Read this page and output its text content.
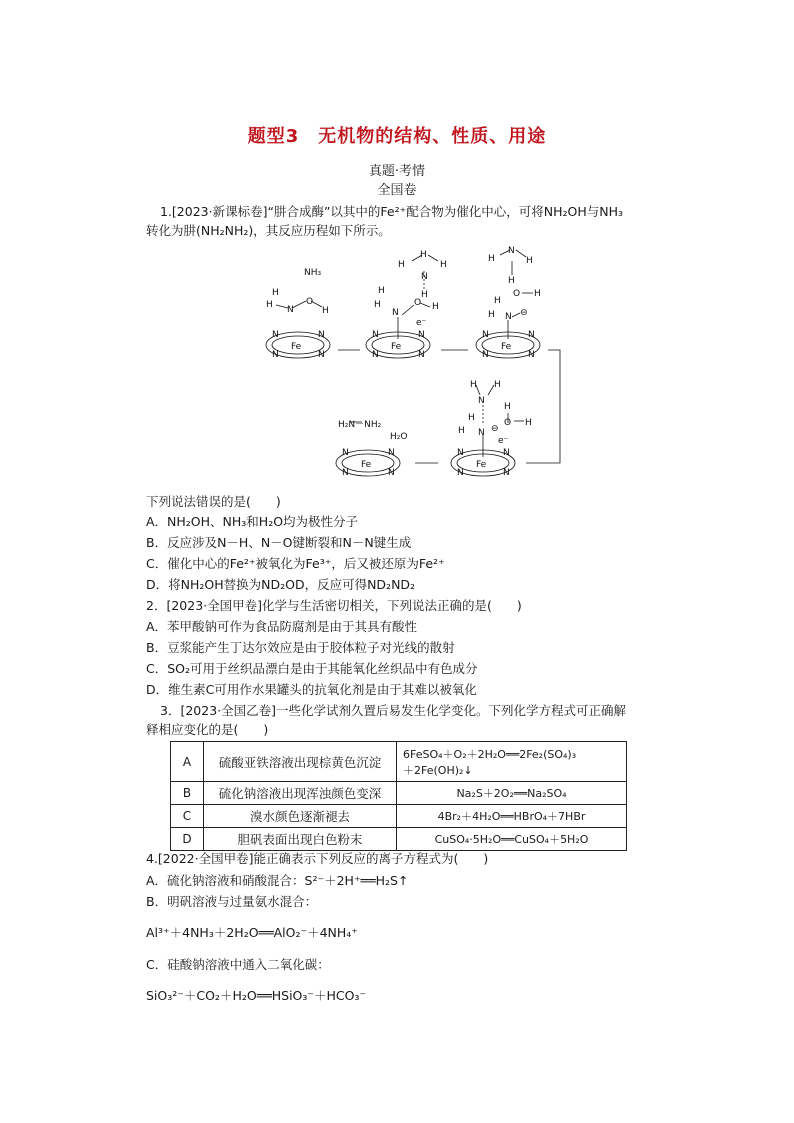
题型3　无机物的结构、性质、用途
真题·考情
全国卷
1.[2023·新课标卷]“肼合成酶”以其中的Fe²⁺配合物为催化中心，可将NH₂OH与NH₃
转化为肼(NH₂NH₂)，其反应历程如下所示。
N	N
N	N
Fe
N	N
N	N
Fe
N	N
N	N
Fe
N	N
N	N
Fe
N	N
N	N
Fe
NH₃
H
H N
O
H
H
H
H
N
H
H
H
N
O H
e⁻
H
N
H
H
O H
H
H N ⊖
H H
N
H
O H
H
H N ⊖
e⁻
H₂N－NH₂
H₂O
下列说法错误的是(　　)
A．NH₂OH、NH₃和H₂O均为极性分子
B．反应涉及N－H、N－O键断裂和N－N键生成
C．催化中心的Fe²⁺被氧化为Fe³⁺，后又被还原为Fe²⁺
D．将NH₂OH替换为ND₂OD，反应可得ND₂ND₂
2．[2023·全国甲卷]化学与生活密切相关，下列说法正确的是(　　)
A．苯甲酸钠可作为食品防腐剂是由于其具有酸性
B．豆浆能产生丁达尔效应是由于胶体粒子对光线的散射
C．SO₂可用于丝织品漂白是由于其能氧化丝织品中有色成分
D．维生素C可用作水果罐头的抗氧化剂是由于其难以被氧化
3．[2023·全国乙卷]一些化学试剂久置后易发生化学变化。下列化学方程式可正确解
释相应变化的是(　　)
A	硫酸亚铁溶液出现棕黄色沉淀	6FeSO₄＋O₂＋2H₂O══2Fe₂(SO₄)₃
＋2Fe(OH)₂↓

B	硫化钠溶液出现浑浊颜色变深	Na₂S＋2O₂══Na₂SO₄
C	溴水颜色逐渐褪去	4Br₂＋4H₂O══HBrO₄＋7HBr
D	胆矾表面出现白色粉末	CuSO₄·5H₂O══CuSO₄＋5H₂O
4.[2022·全国甲卷]能正确表示下列反应的离子方程式为(　　)
A．硫化钠溶液和硝酸混合：S²⁻＋2H⁺══H₂S↑
B．明矾溶液与过量氨水混合：
Al³⁺＋4NH₃＋2H₂O══AlO₂⁻＋4NH₄⁺
C．硅酸钠溶液中通入二氧化碳：
SiO₃²⁻＋CO₂＋H₂O══HSiO₃⁻＋HCO₃⁻
